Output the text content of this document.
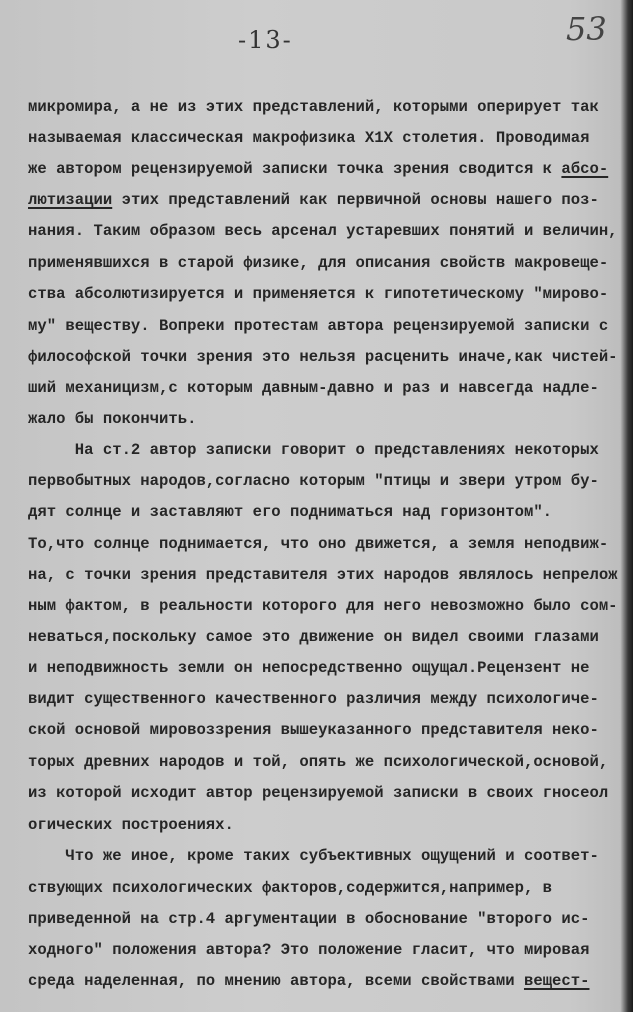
-13-	53
микромира, а не из этих представлений, которыми оперирует так
называемая классическая макрофизика Х1Х столетия. Проводимая
же автором рецензируемой записки точка зрения сводится к абсо-
лютизации этих представлений как первичной основы нашего поз-
нания. Таким образом весь арсенал устаревших понятий и величин,
применявшихся в старой физике, для описания свойств макровеще-
ства абсолютизируется и применяется к гипотетическому "мирово-
му" веществу. Вопреки протестам автора рецензируемой записки с
философской точки зрения это нельзя расценить иначе,как чистей-
ший механицизм,с которым давным-давно и раз и навсегда надле-
жало бы покончить.
На ст.2 автор записки говорит о представлениях некоторых
первобытных народов,согласно которым "птицы и звери утром бу-
дят солнце и заставляют его подниматься над горизонтом".
То,что солнце поднимается, что оно движется, а земля неподвиж-
на, с точки зрения представителя этих народов являлось непрелож
ным фактом, в реальности которого для него невозможно было сом-
неваться,поскольку самое это движение он видел своими глазами
и неподвижность земли он непосредственно ощущал.Рецензент не
видит существенного качественного различия между психологиче-
ской основой мировоззрения вышеуказанного представителя неко-
торых древних народов и той, опять же психологической,основой,
из которой исходит автор рецензируемой записки в своих гносеол
огических построениях.
Что же иное, кроме таких субъективных ощущений и соответ-
ствующих психологических факторов,содержится,например, в
приведенной на стр.4 аргументации в обоснование "второго ис-
ходного" положения автора? Это положение гласит, что мировая
среда наделенная, по мнению автора, всеми свойствами вещест-
